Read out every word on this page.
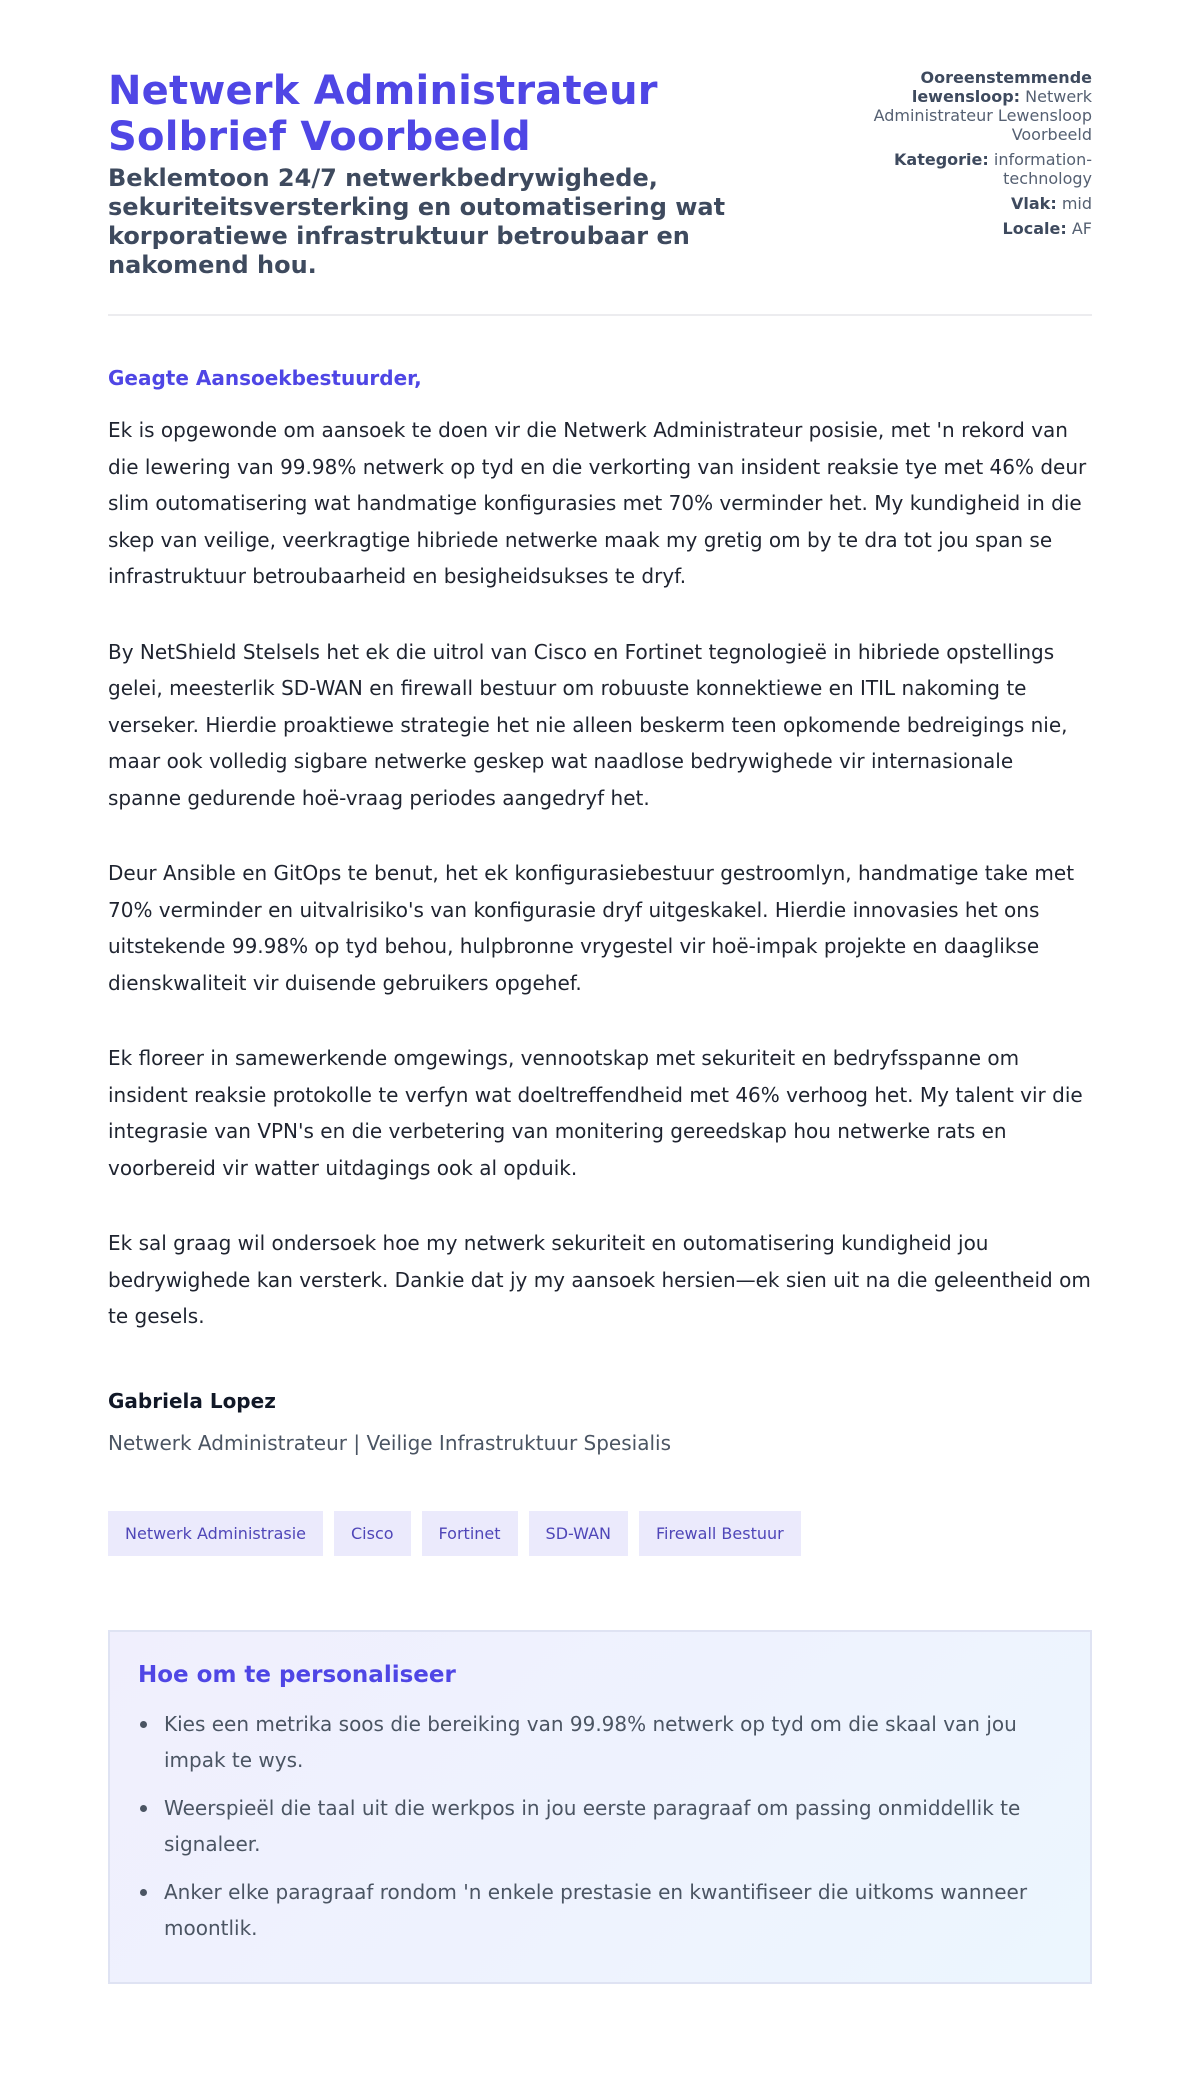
Netwerk Administrateur Solbrief Voorbeeld
Beklemtoon 24/7 netwerkbedrywighede, sekuriteitsversterking en outomatisering wat korporatiewe infrastruktuur betroubaar en nakomend hou.
Ooreenstemmende lewensloop: Netwerk Administrateur Lewensloop Voorbeeld
Kategorie: information-technology
Vlak: mid
Locale: AF
Geagte Aansoekbestuurder,

Ek is opgewonde om aansoek te doen vir die Netwerk Administrateur posisie, met 'n rekord van die lewering van 99.98% netwerk op tyd en die verkorting van insident reaksie tye met 46% deur slim outomatisering wat handmatige konfigurasies met 70% verminder het. My kundigheid in die skep van veilige, veerkragtige hibriede netwerke maak my gretig om by te dra tot jou span se infrastruktuur betroubaarheid en besigheidsukses te dryf.

By NetShield Stelsels het ek die uitrol van Cisco en Fortinet tegnologieë in hibriede opstellings gelei, meesterlik SD-WAN en firewall bestuur om robuuste konnektiewe en ITIL nakoming te verseker. Hierdie proaktiewe strategie het nie alleen beskerm teen opkomende bedreigings nie, maar ook volledig sigbare netwerke geskep wat naadlose bedrywighede vir internasionale spanne gedurende hoë-vraag periodes aangedryf het.

Deur Ansible en GitOps te benut, het ek konfigurasiebestuur gestroomlyn, handmatige take met 70% verminder en uitvalrisiko's van konfigurasie dryf uitgeskakel. Hierdie innovasies het ons uitstekende 99.98% op tyd behou, hulpbronne vrygestel vir hoë-impak projekte en daaglikse dienskwaliteit vir duisende gebruikers opgehef.

Ek floreer in samewerkende omgewings, vennootskap met sekuriteit en bedryfsspanne om insident reaksie protokolle te verfyn wat doeltreffendheid met 46% verhoog het. My talent vir die integrasie van VPN's en die verbetering van monitering gereedskap hou netwerke rats en voorbereid vir watter uitdagings ook al opduik.

Ek sal graag wil ondersoek hoe my netwerk sekuriteit en outomatisering kundigheid jou bedrywighede kan versterk. Dankie dat jy my aansoek hersien—ek sien uit na die geleentheid om te gesels.

Gabriela Lopez
Netwerk Administrateur | Veilige Infrastruktuur Spesialis
Netwerk Administrasie	Cisco	Fortinet	SD-WAN	Firewall Bestuur
Hoe om te personaliseer
Kies een metrika soos die bereiking van 99.98% netwerk op tyd om die skaal van jou impak te wys.
Weerspieël die taal uit die werkpos in jou eerste paragraaf om passing onmiddellik te signaleer.
Anker elke paragraaf rondom 'n enkele prestasie en kwantifiseer die uitkoms wanneer moontlik.
